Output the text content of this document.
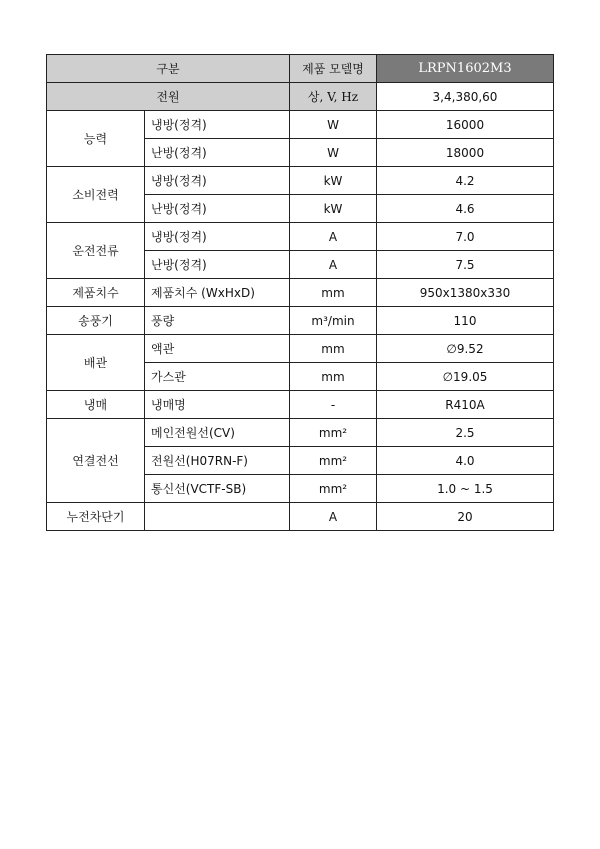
구분		제품 모델명	LRPN1602M3
전원		상, V, Hz	3,4,380,60
능력	냉방(정격)	W	16000
	난방(정격)	W	18000
소비전력	냉방(정격)	kW	4.2
	난방(정격)	kW	4.6
운전전류	냉방(정격)	A	7.0
	난방(정격)	A	7.5
제품치수	제품치수 (WxHxD)	mm	950x1380x330
송풍기	풍량	m³/min	110
배관	액관	mm	∅9.52
	가스관	mm	∅19.05
냉매	냉매명	-	R410A
연결전선	메인전원선(CV)	mm²	2.5
	전원선(H07RN-F)	mm²	4.0
	통신선(VCTF-SB)	mm²	1.0 ~ 1.5
누전차단기		A	20
